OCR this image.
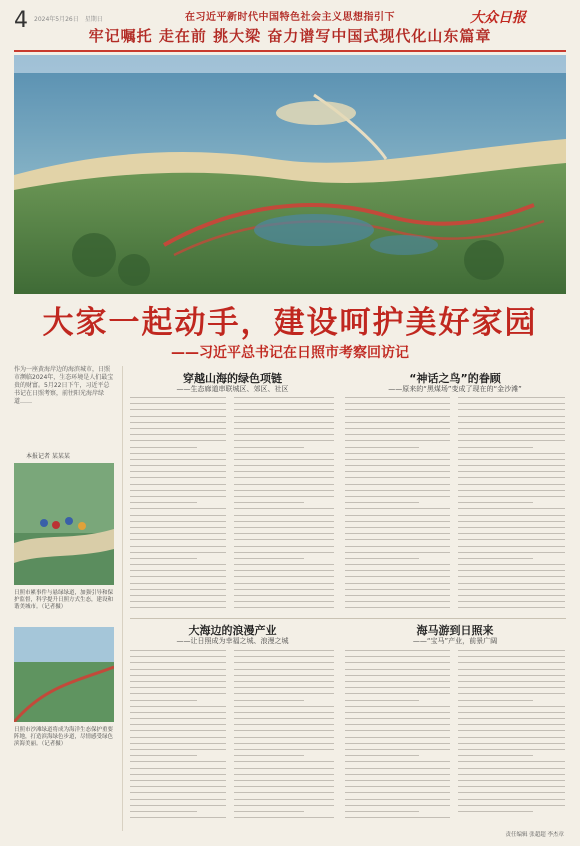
4 2024年5月26日　星期日	在习近平新时代中国特色社会主义思想指引下
牢记嘱托 走在前 挑大梁 奋力谱写中国式现代化山东篇章
大众日报
大家一起动手，建设呵护美好家园
——习近平总书记在日照市考察回访记
作为一座黄海岸边的海滨城市，日照市濒临2024年，生态环境是人们最宝贵的财富。5月22日下午，习近平总书记在日照考察，前往阳光海岸绿道……
本报记者 某某某
日照市累事件与悬绿绿道，加强引导和保护监督，科学提升日照方式生态，建设和谐美城市。（记者摄）
日照市沙滩绿道将成为海洋生态保护重要阵地，打造滨海绿色步道，尽情感受绿色滨海美丽。（记者摄）
穿越山海的绿色项链
——生态廊道串联城区、郊区、社区
“神话之鸟”的眷顾
——原来的“黑煤场”变成了现在的“金沙滩”
大海边的浪漫产业
——让日照成为幸福之城、浪漫之城
海马游到日照来
——“宝马”产业，前景广阔
责任编辑 张超超 李杰章
